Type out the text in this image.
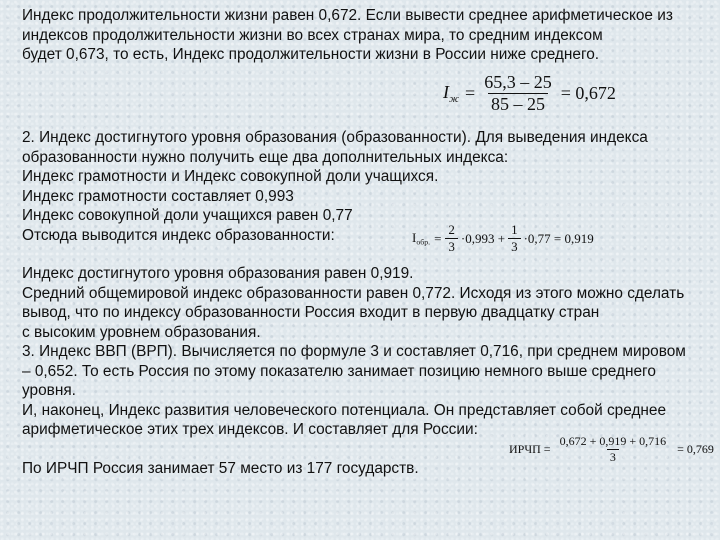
Индекс продолжительности жизни равен 0,672. Если вывести среднее арифметическое из
индексов продолжительности жизни во всех странах мира, то средним индексом
будет 0,673, то есть, Индекс продолжительности жизни в России ниже среднего.

$I_ж = \frac{65,3 - 25}{85 - 25} = 0,672$

2. Индекс достигнутого уровня образования (образованности). Для выведения индекса
образованности нужно получить еще два дополнительных индекса:
Индекс грамотности и Индекс совокупной доли учащихся.
Индекс грамотности составляет 0,993
Индекс совокупной доли учащихся равен 0,77
Отсюда выводится индекс образованности:	$I_{обр.} = \frac{2}{3} \cdot 0,993 + \frac{1}{3} \cdot 0,77 = 0,919$

Индекс достигнутого уровня образования равен 0,919.
Средний общемировой индекс образованности равен 0,772. Исходя из этого можно сделать
вывод, что по индексу образованности Россия входит в первую двадцатку стран
с высоким уровнем образования.
3. Индекс ВВП (ВРП). Вычисляется по формуле 3 и составляет 0,716, при среднем мировом
– 0,652. То есть Россия по этому показателю занимает позицию немного выше среднего
уровня.
И, наконец, Индекс развития человеческого потенциала. Он представляет собой среднее
арифметическое этих трех индексов. И составляет для России:

ИРЧП = $\frac{0,672 + 0,919 + 0,716}{3} = 0,769$

По ИРЧП Россия занимает 57 место из 177 государств.
